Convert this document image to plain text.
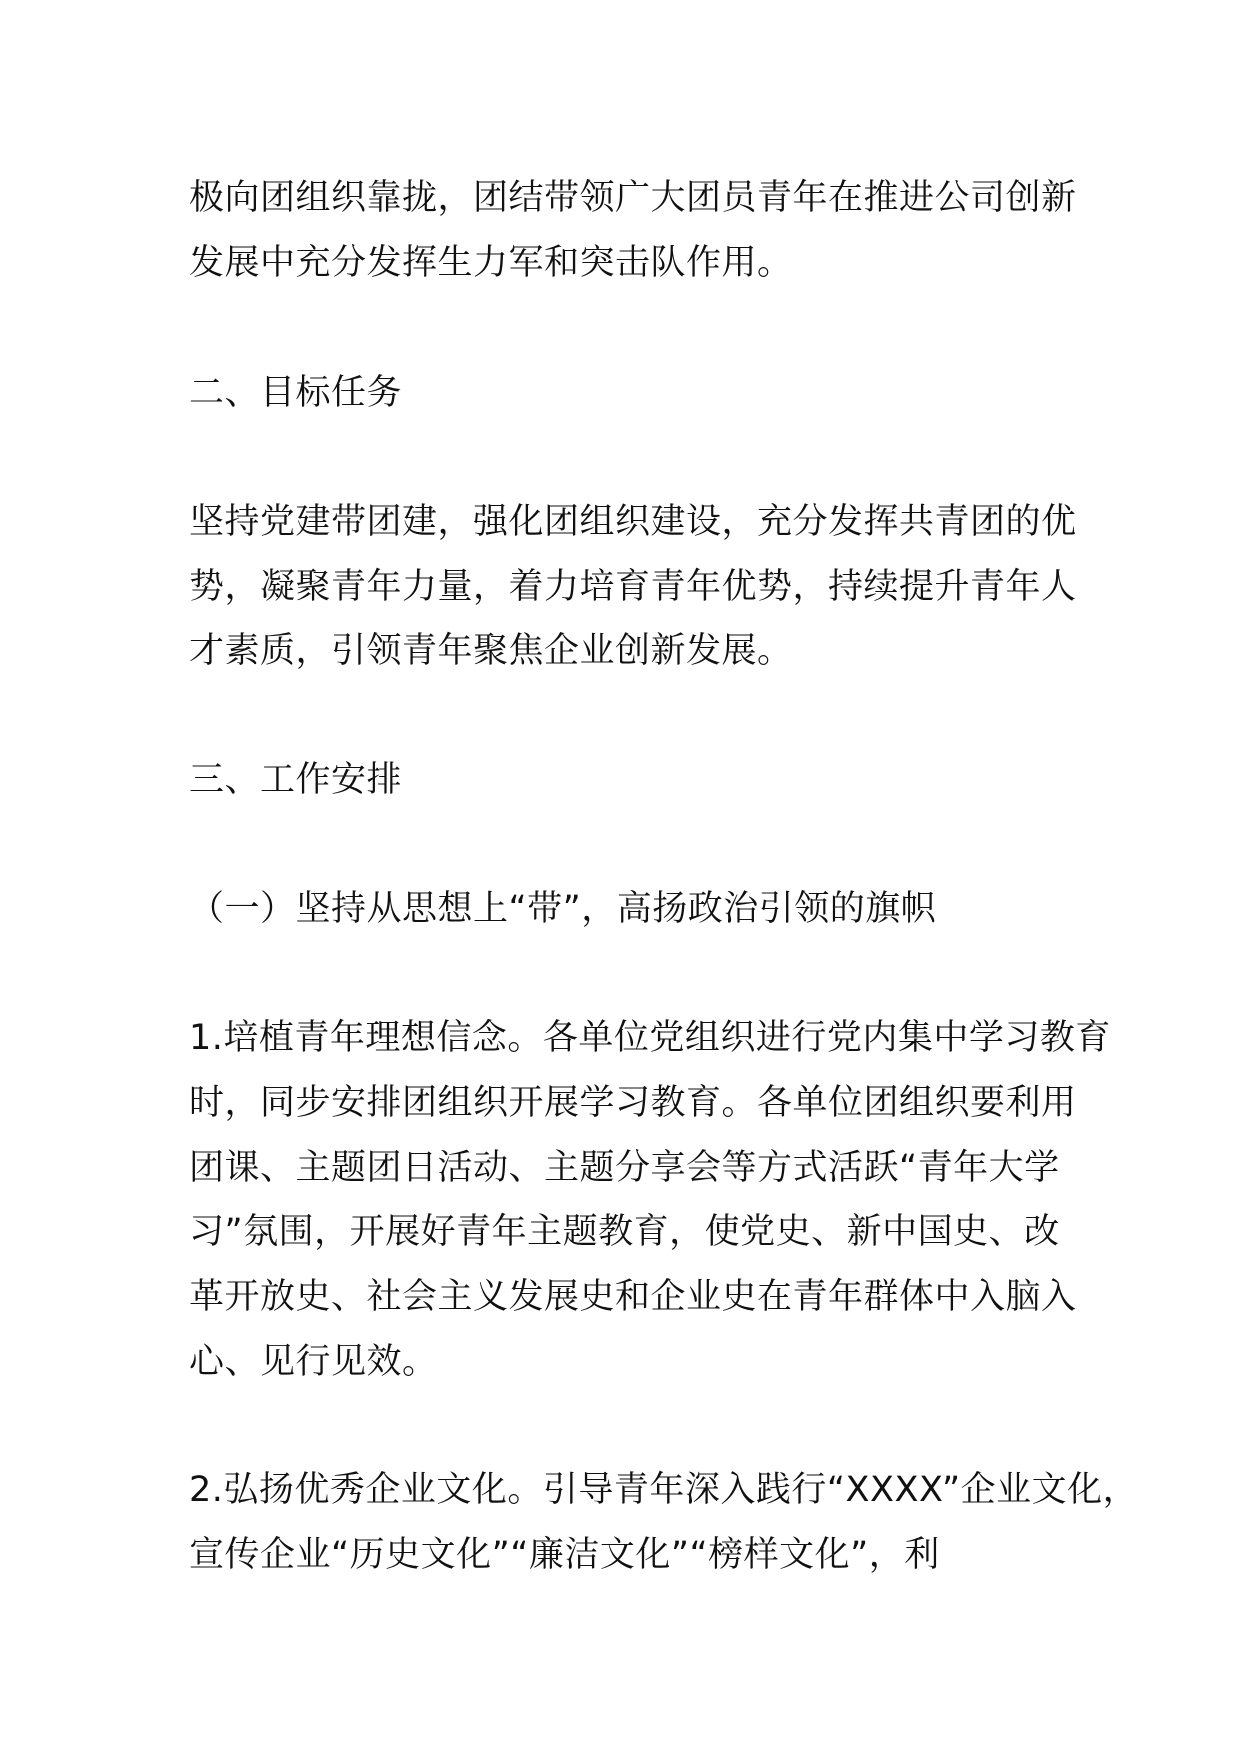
极向团组织靠拢，团结带领广大团员青年在推进公司创新

发展中充分发挥生力军和突击队作用。

二、目标任务

坚持党建带团建，强化团组织建设，充分发挥共青团的优

势，凝聚青年力量，着力培育青年优势，持续提升青年人

才素质，引领青年聚焦企业创新发展。

三、工作安排

（一）坚持从思想上“带”，高扬政治引领的旗帜

1.培植青年理想信念。各单位党组织进行党内集中学习教育

时，同步安排团组织开展学习教育。各单位团组织要利用

团课、主题团日活动、主题分享会等方式活跃“青年大学

习”氛围，开展好青年主题教育，使党史、新中国史、改

革开放史、社会主义发展史和企业史在青年群体中入脑入

心、见行见效。

2.弘扬优秀企业文化。引导青年深入践行“XXXX”企业文化，

宣传企业“历史文化”“廉洁文化”“榜样文化”，利
